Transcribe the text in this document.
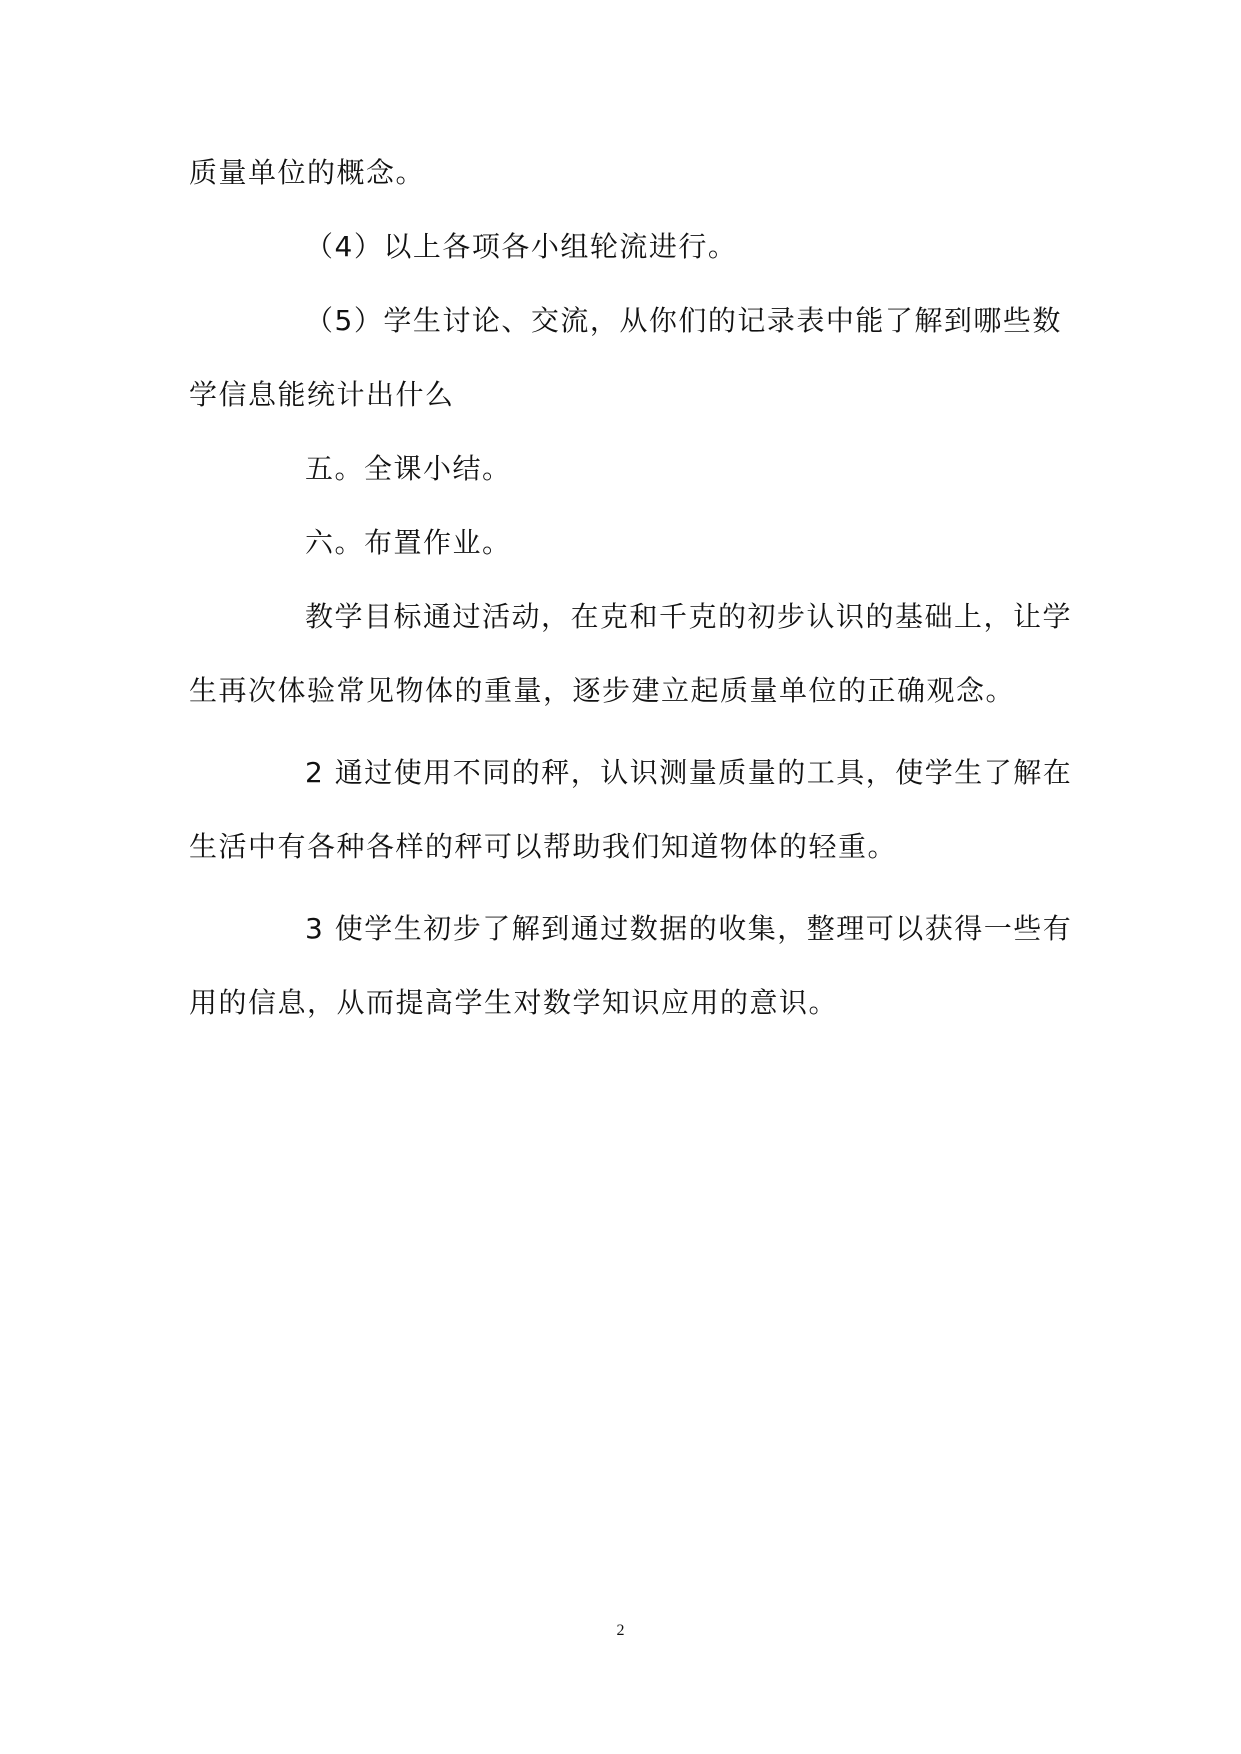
质量单位的概念。
（4）以上各项各小组轮流进行。
（5）学生讨论、交流，从你们的记录表中能了解到哪些数
学信息能统计出什么
五。全课小结。
六。布置作业。
教学目标通过活动，在克和千克的初步认识的基础上，让学
生再次体验常见物体的重量，逐步建立起质量单位的正确观念。
2 通过使用不同的秤，认识测量质量的工具，使学生了解在
生活中有各种各样的秤可以帮助我们知道物体的轻重。
3 使学生初步了解到通过数据的收集，整理可以获得一些有
用的信息，从而提高学生对数学知识应用的意识。
2
